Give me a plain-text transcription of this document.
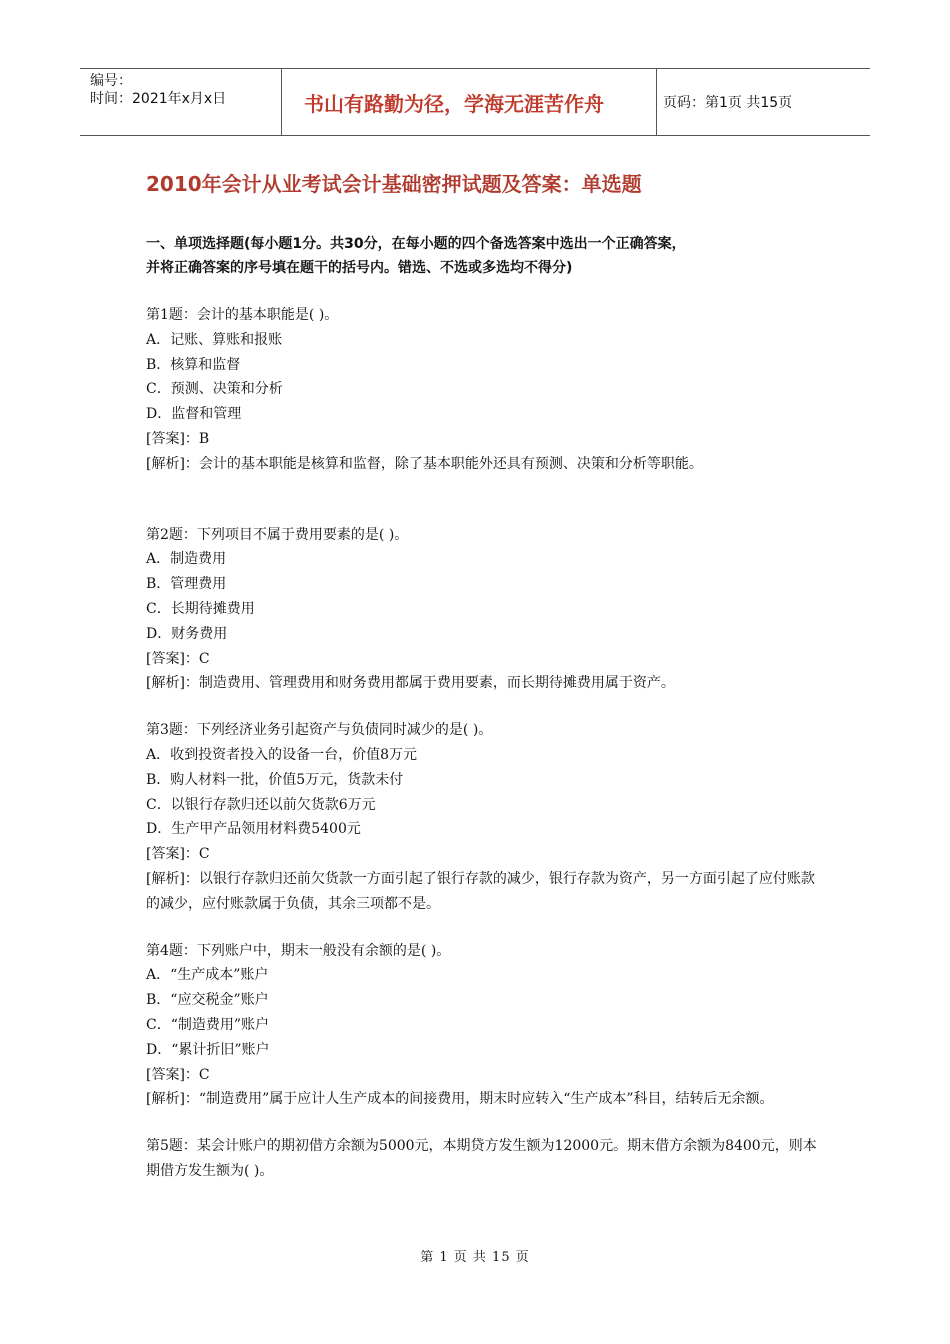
编号：
时间：2021年x月x日	书山有路勤为径，学海无涯苦作舟	页码：第1页 共15页
2010年会计从业考试会计基础密押试题及答案：单选题
一、单项选择题(每小题1分。共30分，在每小题的四个备选答案中选出一个正确答案，
并将正确答案的序号填在题干的括号内。错选、不选或多选均不得分)
第1题：会计的基本职能是( )。
A．记账、算账和报账
B．核算和监督
C．预测、决策和分析
D．监督和管理
[答案]：B
[解析]：会计的基本职能是核算和监督，除了基本职能外还具有预测、决策和分析等职能。
第2题：下列项目不属于费用要素的是( )。
A．制造费用
B．管理费用
C．长期待摊费用
D．财务费用
[答案]：C
[解析]：制造费用、管理费用和财务费用都属于费用要素，而长期待摊费用属于资产。
第3题：下列经济业务引起资产与负债同时减少的是( )。
A．收到投资者投入的设备一台，价值8万元
B．购人材料一批，价值5万元，货款未付
C．以银行存款归还以前欠货款6万元
D．生产甲产品领用材料费5400元
[答案]：C
[解析]：以银行存款归还前欠货款一方面引起了银行存款的减少，银行存款为资产，另一方面引起了应付账款的减少，应付账款属于负债，其余三项都不是。
第4题：下列账户中，期末一般没有余额的是( )。
A．“生产成本”账户
B．“应交税金”账户
C．“制造费用”账户
D．“累计折旧”账户
[答案]：C
[解析]：“制造费用”属于应计人生产成本的间接费用，期末时应转入“生产成本”科目，结转后无余额。
第5题：某会计账户的期初借方余额为5000元，本期贷方发生额为12000元。期末借方余额为8400元，则本期借方发生额为( )。
第 1 页 共 15 页
